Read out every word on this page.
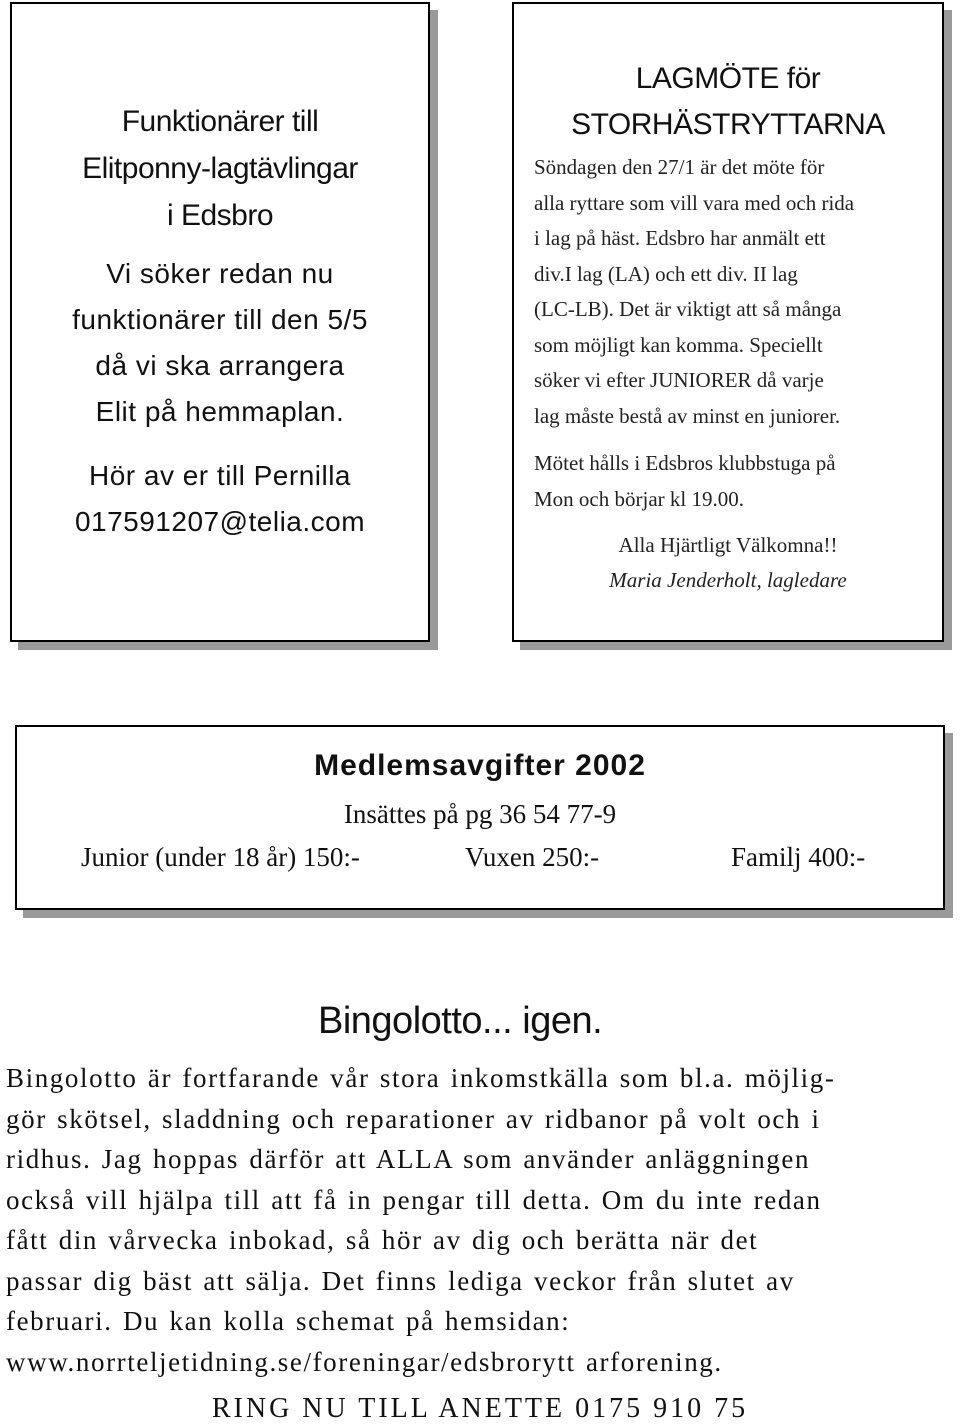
Funktionärer till
Elitponny-lagtävlingar
i Edsbro
Vi söker redan nu
funktionärer till den 5/5
då vi ska arrangera
Elit på hemmaplan.
Hör av er till Pernilla
017591207@telia.com
LAGMÖTE för
STORHÄSTRYTTARNA
Söndagen den 27/1 är det möte för
alla ryttare som vill vara med och rida
i lag på häst. Edsbro har anmält ett
div.I lag (LA) och ett div. II lag
(LC-LB). Det är viktigt att så många
som möjligt kan komma. Speciellt
söker vi efter JUNIORER då varje
lag måste bestå av minst en juniorer.
Mötet hålls i Edsbros klubbstuga på
Mon och börjar kl 19.00.
Alla Hjärtligt Välkomna!!
Maria Jenderholt, lagledare
Medlemsavgifter 2002
Insättes på pg 36 54 77-9
Junior (under 18 år) 150:-	Vuxen 250:-	Familj 400:-
Bingolotto... igen.
Bingolotto är fortfarande vår stora inkomstkälla som bl.a. möjlig-
gör skötsel, sladdning och reparationer av ridbanor på volt och i
ridhus. Jag hoppas därför att ALLA som använder anläggningen
också vill hjälpa till att få in pengar till detta. Om du inte redan
fått din vårvecka inbokad, så hör av dig och berätta när det
passar dig bäst att sälja. Det finns lediga veckor från slutet av
februari. Du kan kolla schemat på hemsidan:
www.norrteljetidning.se/foreningar/edsbrorytt arforening.
RING NU TILL ANETTE 0175 910 75
